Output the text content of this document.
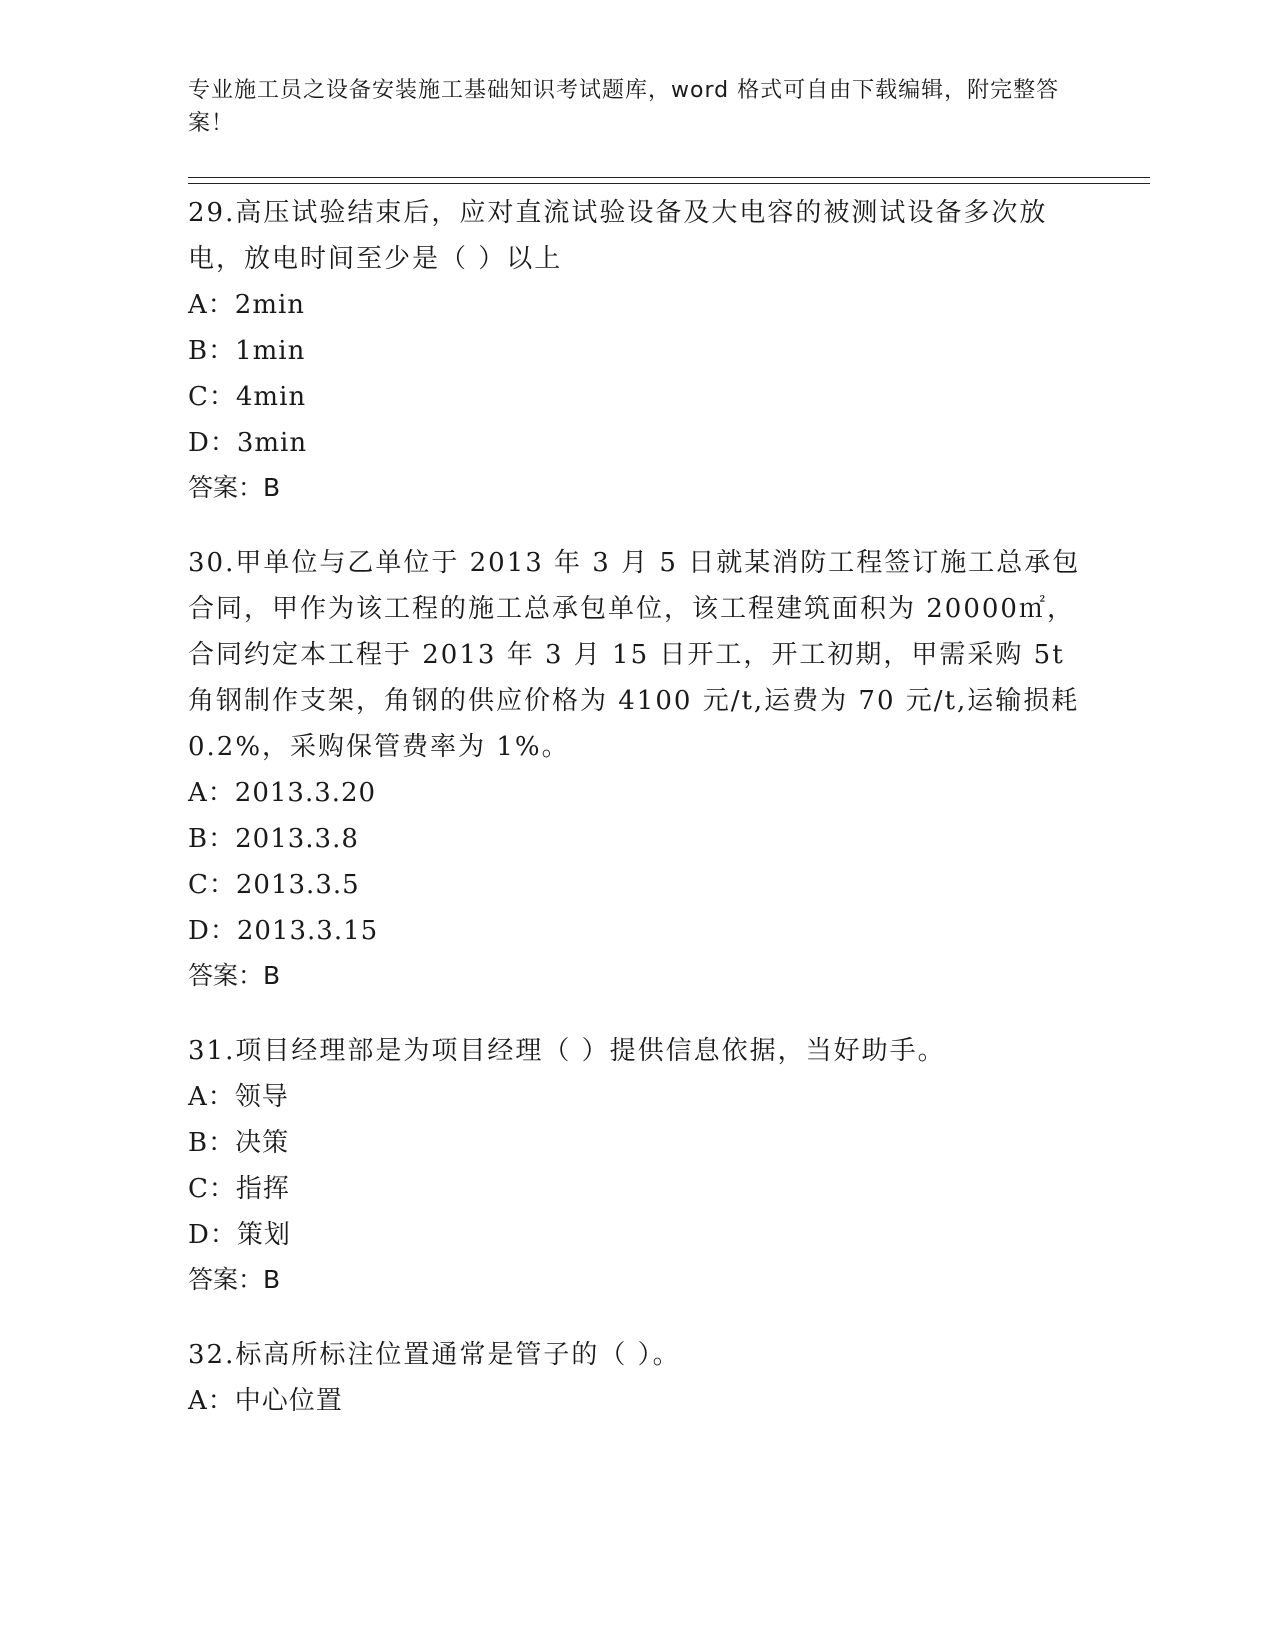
专业施工员之设备安装施工基础知识考试题库，word 格式可自由下载编辑，附完整答案！
29.高压试验结束后，应对直流试验设备及大电容的被测试设备多次放电，放电时间至少是（ ）以上
A：2min
B：1min
C：4min
D：3min
答案：B
30.甲单位与乙单位于 2013 年 3 月 5 日就某消防工程签订施工总承包合同，甲作为该工程的施工总承包单位，该工程建筑面积为 20000㎡，合同约定本工程于 2013 年 3 月 15 日开工，开工初期，甲需采购 5t 角钢制作支架，角钢的供应价格为 4100 元/t,运费为 70 元/t,运输损耗 0.2%，采购保管费率为 1%。
A：2013.3.20
B：2013.3.8
C：2013.3.5
D：2013.3.15
答案：B
31.项目经理部是为项目经理（ ）提供信息依据，当好助手。
A：领导
B：决策
C：指挥
D：策划
答案：B
32.标高所标注位置通常是管子的（ ）。
A：中心位置
